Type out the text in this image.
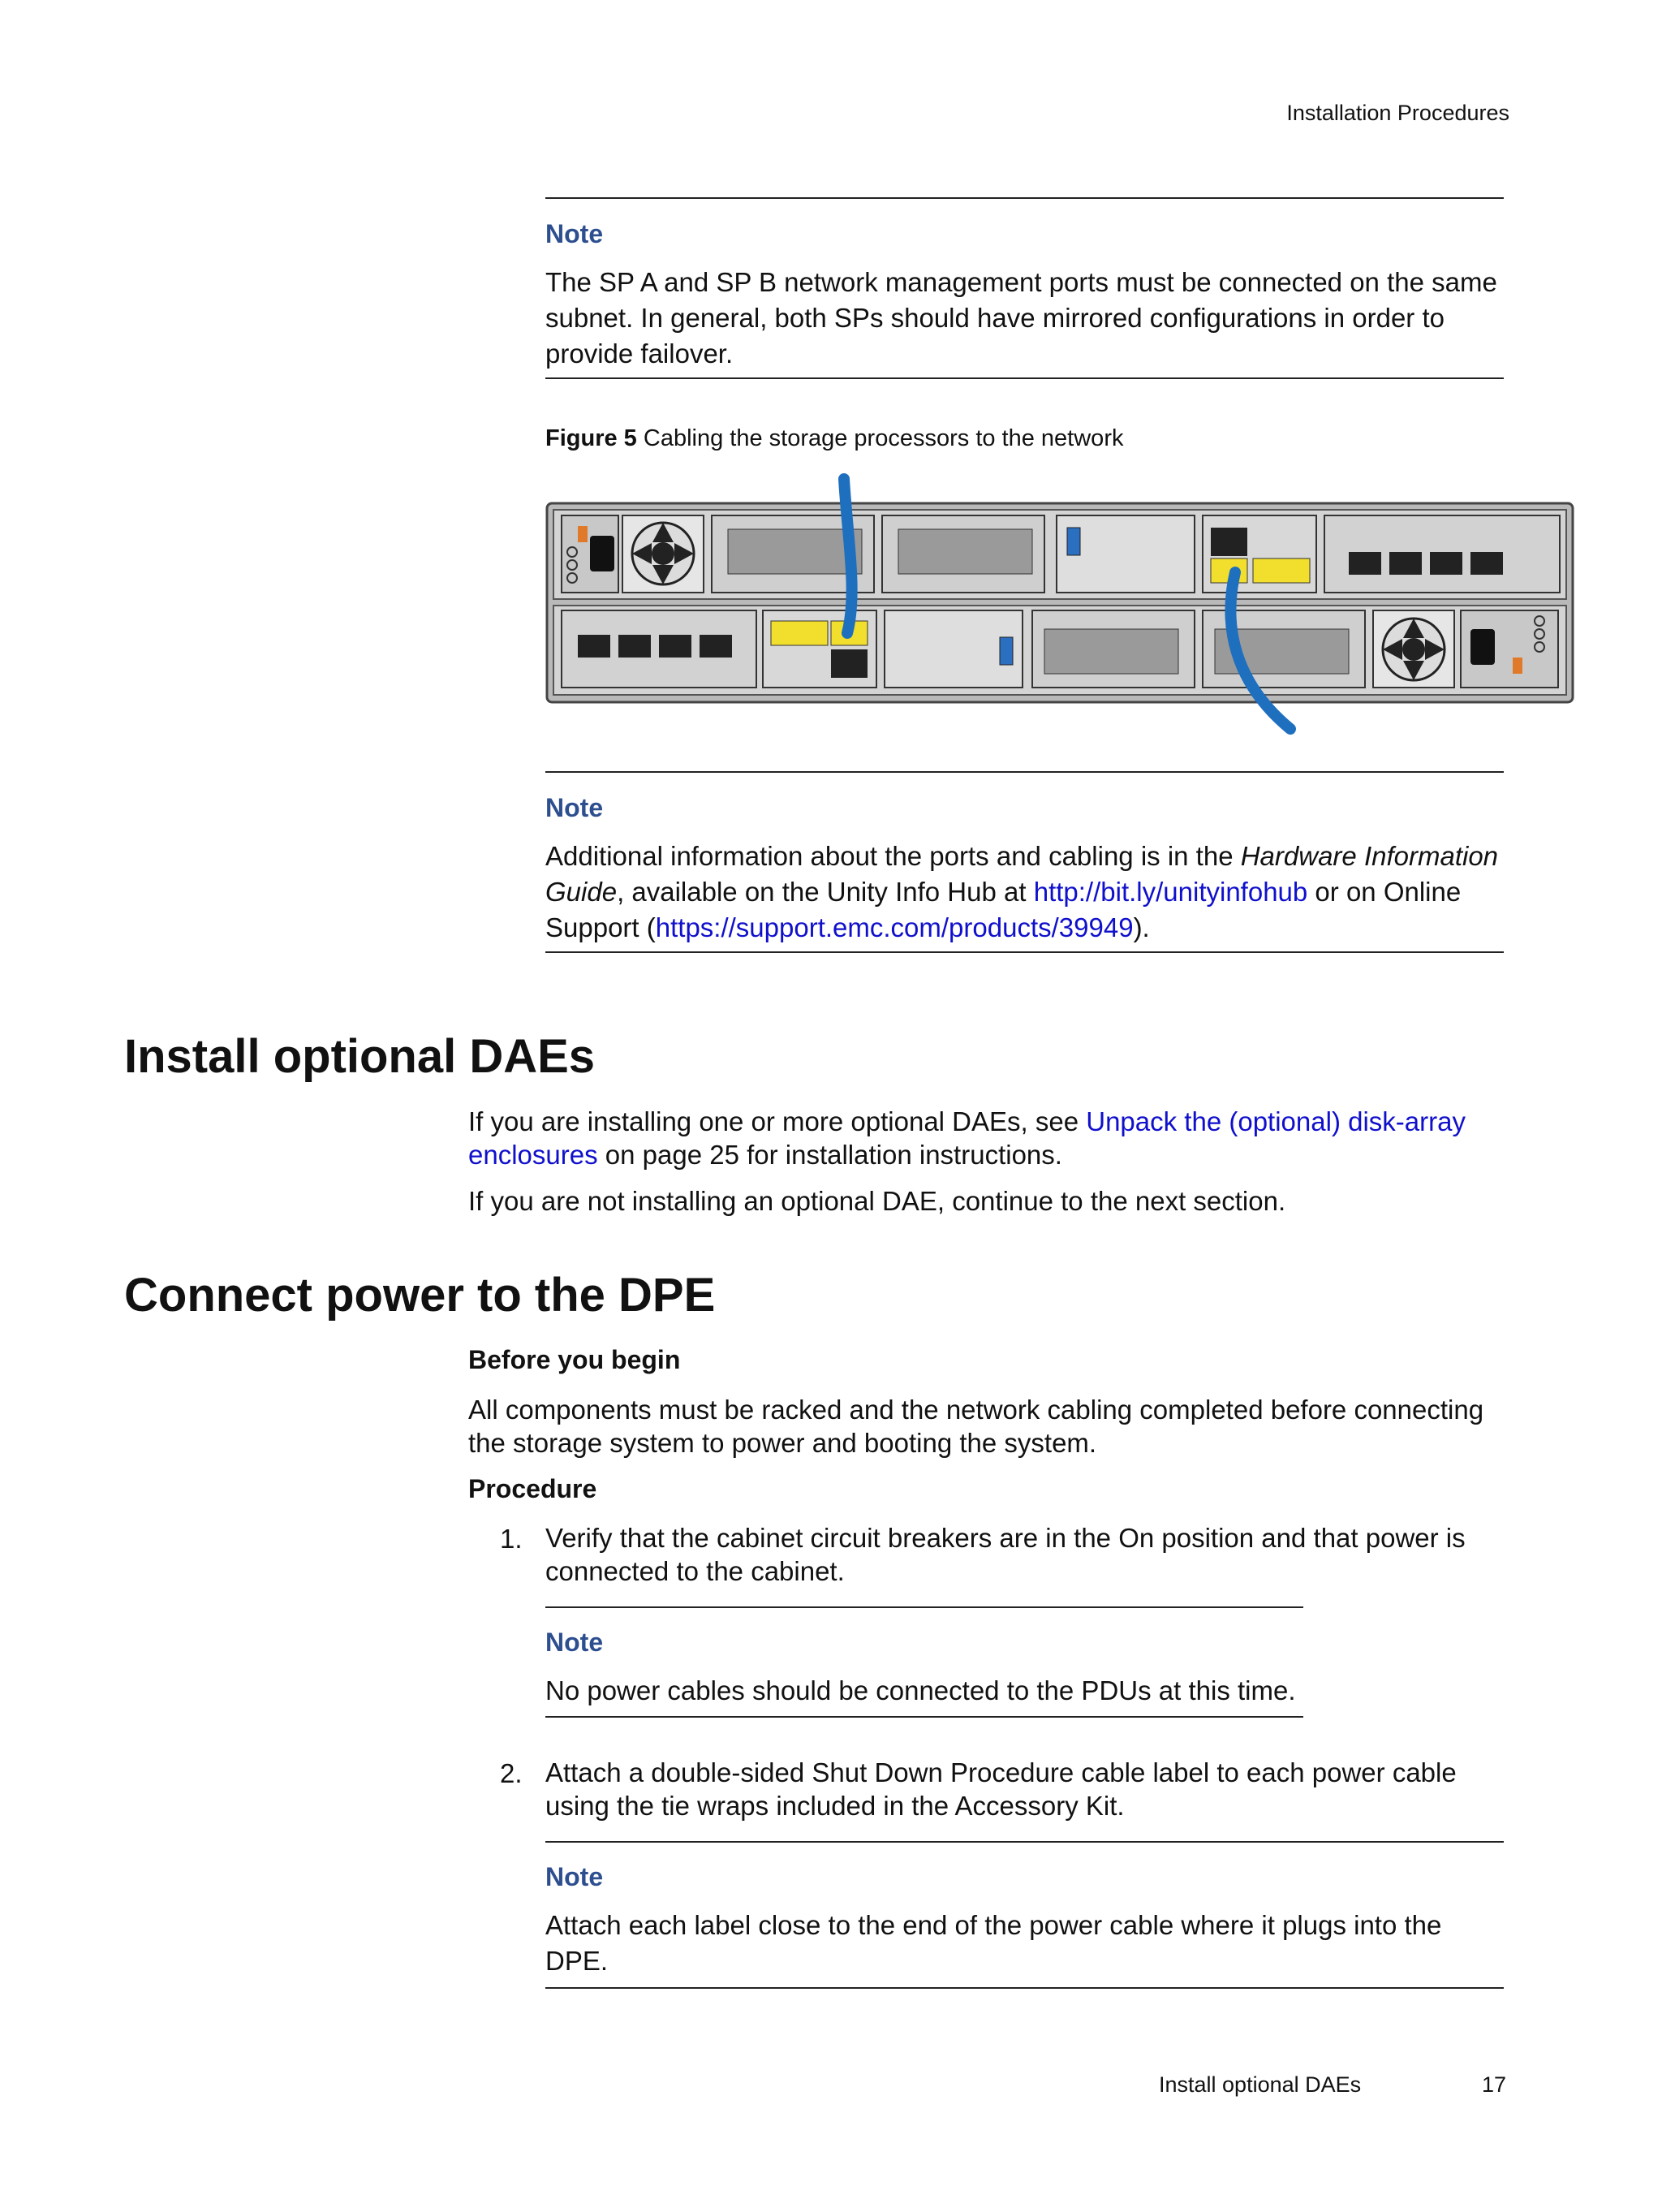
Installation Procedures
Note
The SP A and SP B network management ports must be connected on the same subnet. In general, both SPs should have mirrored configurations in order to provide failover.
Figure 5 Cabling the storage processors to the network
Note
Additional information about the ports and cabling is in the Hardware Information Guide, available on the Unity Info Hub at http://bit.ly/unityinfohub or on Online Support (https://support.emc.com/products/39949).
Install optional DAEs
If you are installing one or more optional DAEs, see Unpack the (optional) disk-array enclosures on page 25 for installation instructions.
If you are not installing an optional DAE, continue to the next section.
Connect power to the DPE
Before you begin
All components must be racked and the network cabling completed before connecting the storage system to power and booting the system.
Procedure
1. Verify that the cabinet circuit breakers are in the On position and that power is connected to the cabinet.
Note
No power cables should be connected to the PDUs at this time.
2. Attach a double-sided Shut Down Procedure cable label to each power cable using the tie wraps included in the Accessory Kit.
Note
Attach each label close to the end of the power cable where it plugs into the DPE.
Install optional DAEs	17
